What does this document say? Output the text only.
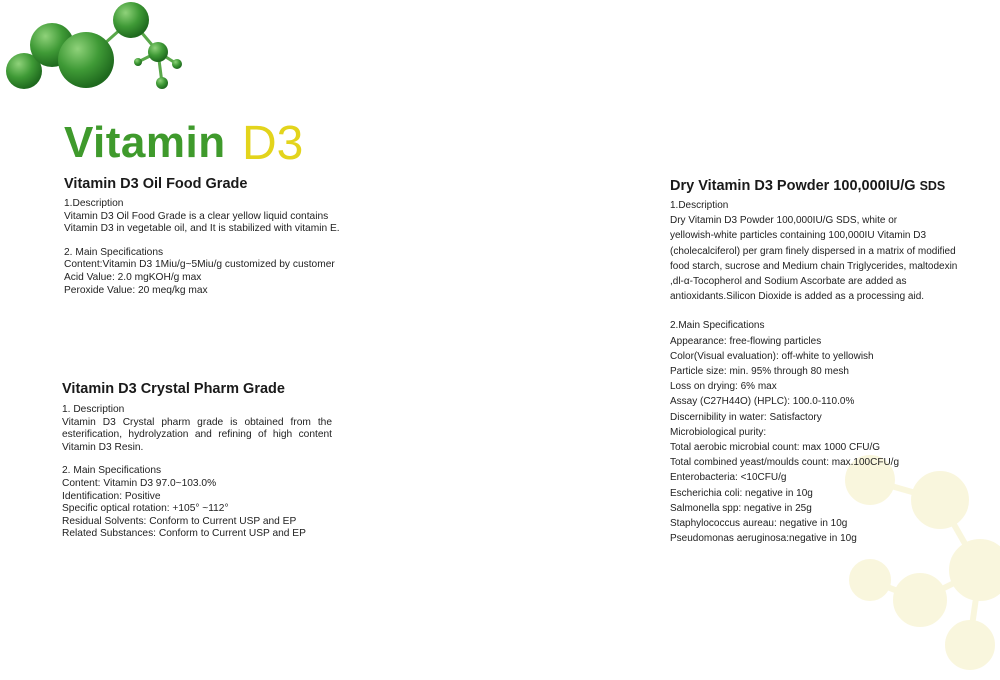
Vitamin D3
Vitamin D3 Oil Food Grade

1.Description

Vitamin D3 Oil Food Grade is a clear yellow liquid contains

Vitamin D3 in vegetable oil, and It is stabilized with vitamin E.

2. Main Specifications

Content:Vitamin D3 1Miu/g~5Miu/g customized by customer

Acid Value: 2.0 mgKOH/g max

Peroxide Value: 20 meq/kg max

Vitamin D3 Crystal Pharm Grade

1. Description

Vitamin D3 Crystal pharm grade is obtained from the

esterification, hydrolyzation and refining of high content

Vitamin D3 Resin.

2. Main Specifications

Content: Vitamin D3 97.0~103.0%

Identification: Positive

Specific optical rotation: +105° ~112°

Residual Solvents: Conform to Current USP and EP

Related Substances: Conform to Current USP and EP

Dry Vitamin D3 Powder 100,000IU/G SDS

1.Description

Dry Vitamin D3 Powder 100,000IU/G SDS, white or

yellowish-white particles containing 100,000IU Vitamin D3

(cholecalciferol) per gram finely dispersed in a matrix of modified

food starch, sucrose and Medium chain Triglycerides, maltodexin

,dl-α-Tocopherol and Sodium Ascorbate are added as

antioxidants.Silicon Dioxide is added as a processing aid.

2.Main Specifications

Appearance: free-flowing particles

Color(Visual evaluation): off-white to yellowish

Particle size: min. 95% through 80 mesh

Loss on drying: 6% max

Assay (C27H44O) (HPLC): 100.0-110.0%

Discernibility in water: Satisfactory

Microbiological purity:

Total aerobic microbial count: max 1000 CFU/G

Total combined yeast/moulds count: max.100CFU/g

Enterobacteria: <10CFU/g

Escherichia coli: negative in 10g

Salmonella spp: negative in 25g

Staphylococcus aureau: negative in 10g

Pseudomonas aeruginosa:negative in 10g
